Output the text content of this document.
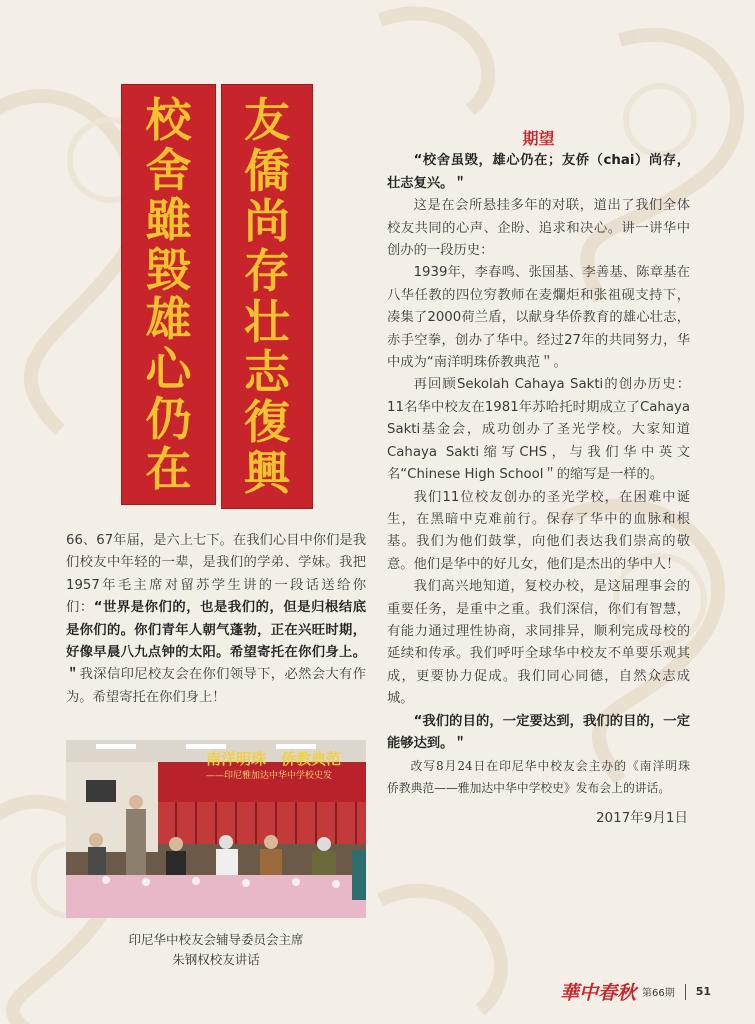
校
舍
雖
毀
雄
心
仍
在
友
僑
尚
存
壮
志
復
興

66、67年届，是六上七下。在我们心目中你们是我们校友中年轻的一辈，是我们的学弟、学妹。我把1957年毛主席对留苏学生讲的一段话送给你们：“世界是你们的，也是我们的，但是归根结底是你们的。你们青年人朝气蓬勃，正在兴旺时期，好像早晨八九点钟的太阳。希望寄托在你们身上。＂我深信印尼校友会在你们领导下，必然会大有作为。希望寄托在你们身上！

南洋明珠　侨教典范
——印尼雅加达中华中学校史发
印尼华中校友会辅导委员会主席
朱钢权校友讲话

期望

“校舍虽毁，雄心仍在；友侨（chai）尚存，壮志复兴。＂

这是在会所悬挂多年的对联，道出了我们全体校友共同的心声、企盼、追求和决心。讲一讲华中创办的一段历史：

1939年，李春鸣、张国基、李善基、陈章基在八华任教的四位穷教师在麦爛炬和张祖砚支持下，凑集了2000荷兰盾，以献身华侨教育的雄心壮志，赤手空拳，创办了华中。经过27年的共同努力，华中成为“南洋明珠侨教典范＂。

再回顾Sekolah Cahaya Sakti的创办历史：11名华中校友在1981年苏哈托时期成立了Cahaya Sakti基金会，成功创办了圣光学校。大家知道Cahaya Sakti缩写CHS，与我们华中英文名“Chinese High School＂的缩写是一样的。

我们11位校友创办的圣光学校，在困难中诞生，在黑暗中克难前行。保存了华中的血脉和根基。我们为他们鼓掌，向他们表达我们崇高的敬意。他们是华中的好儿女，他们是杰出的华中人！

我们高兴地知道，复校办校，是这届理事会的重要任务，是重中之重。我们深信，你们有智慧，有能力通过理性协商，求同排异，顺利完成母校的延续和传承。我们呼吁全球华中校友不单要乐观其成，更要协力促成。我们同心同德，自然众志成城。

“我们的目的，一定要达到，我们的目的，一定能够达到。＂

改写8月24日在印尼华中校友会主办的《南洋明珠　侨教典范——雅加达中华中学校史》发布会上的讲话。

2017年9月1日

華中春秋 第66期 51
